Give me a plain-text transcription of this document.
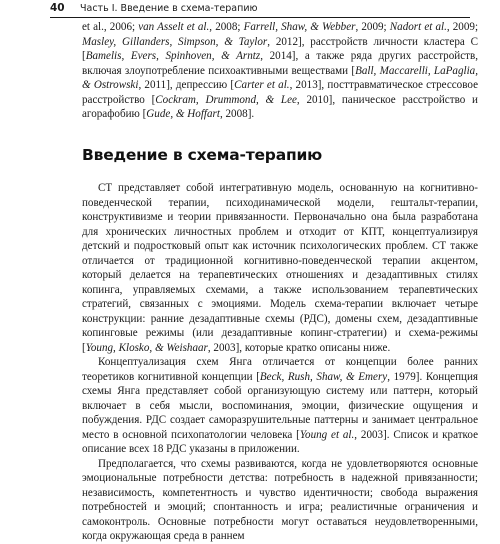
40	Часть I. Введение в схема-терапию

et al., 2006; van Asselt et al., 2008; Farrell, Shaw, & Webber, 2009; Nadort et al., 2009; Masley, Gillanders, Simpson, & Taylor, 2012], расстройств личности кластера С [Bamelis, Evers, Spinhoven, & Arntz, 2014], а также ряда других расстройств, включая злоупотребление психоактивными веществами [Ball, Maccarelli, LaPaglia, & Ostrowski, 2011], депрессию [Carter et al., 2013], посттравматическое стрессовое расстройство [Cockram, Drummond, & Lee, 2010], паническое расстройство и агорафобию [Gude, & Hoffart, 2008].

Введение в схема-терапию

СТ представляет собой интегративную модель, основанную на когнитивно-поведенческой терапии, психодинамической модели, гештальт-терапии, конструктивизме и теории привязанности. Первоначально она была разработана для хронических личностных проблем и отходит от КПТ, концептуализируя детский и подростковый опыт как источник психологических проблем. СТ также отличается от традиционной когнитивно-поведенческой терапии акцентом, который делается на терапевтических отношениях и дезадаптивных стилях копинга, управляемых схемами, а также использованием терапевтических стратегий, связанных с эмоциями. Модель схема-терапии включает четыре конструкции: ранние дезадаптивные схемы (РДС), домены схем, дезадаптивные копинговые режимы (или дезадаптивные копинг-стратегии) и схема-режимы [Young, Klosko, & Weishaar, 2003], которые кратко описаны ниже.

Концептуализация схем Янга отличается от концепции более ранних теоретиков когнитивной концепции [Beck, Rush, Shaw, & Emery, 1979]. Концепция схемы Янга представляет собой организующую систему или паттерн, который включает в себя мысли, воспоминания, эмоции, физические ощущения и побуждения. РДС создает саморазрушительные паттерны и занимает центральное место в основной психопатологии человека [Young et al., 2003]. Список и краткое описание всех 18 РДС указаны в приложении.

Предполагается, что схемы развиваются, когда не удовлетворяются основные эмоциональные потребности детства: потребность в надежной привязанности; независимость, компетентность и чувство идентичности; свобода выражения потребностей и эмоций; спонтанность и игра; реалистичные ограничения и самоконтроль. Основные потребности могут оставаться неудовлетворенными, когда окружающая среда в раннем
